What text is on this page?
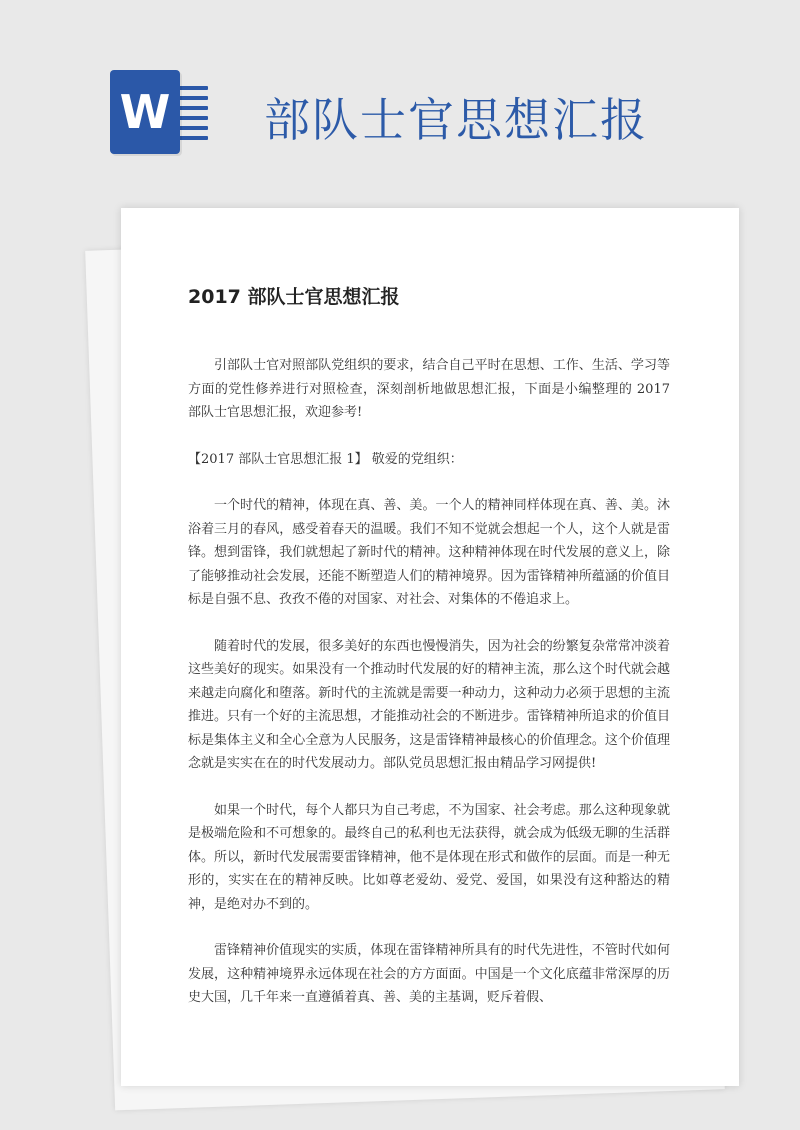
W 部队士官思想汇报
2017 部队士官思想汇报

引部队士官对照部队党组织的要求，结合自己平时在思想、工作、生活、学习等方面的党性修养进行对照检查，深刻剖析地做思想汇报，下面是小编整理的 2017 部队士官思想汇报，欢迎参考!

【2017 部队士官思想汇报 1】 敬爱的党组织：

一个时代的精神，体现在真、善、美。一个人的精神同样体现在真、善、美。沐浴着三月的春风，感受着春天的温暖。我们不知不觉就会想起一个人，这个人就是雷锋。想到雷锋，我们就想起了新时代的精神。这种精神体现在时代发展的意义上，除了能够推动社会发展，还能不断塑造人们的精神境界。因为雷锋精神所蕴涵的价值目标是自强不息、孜孜不倦的对国家、对社会、对集体的不倦追求上。

随着时代的发展，很多美好的东西也慢慢消失，因为社会的纷繁复杂常常冲淡着这些美好的现实。如果没有一个推动时代发展的好的精神主流，那么这个时代就会越来越走向腐化和堕落。新时代的主流就是需要一种动力，这种动力必须于思想的主流推进。只有一个好的主流思想，才能推动社会的不断进步。雷锋精神所追求的价值目标是集体主义和全心全意为人民服务，这是雷锋精神最核心的价值理念。这个价值理念就是实实在在的时代发展动力。部队党员思想汇报由精品学习网提供!

如果一个时代，每个人都只为自己考虑，不为国家、社会考虑。那么这种现象就是极端危险和不可想象的。最终自己的私利也无法获得，就会成为低级无聊的生活群体。所以，新时代发展需要雷锋精神，他不是体现在形式和做作的层面。而是一种无形的，实实在在的精神反映。比如尊老爱幼、爱党、爱国，如果没有这种豁达的精神，是绝对办不到的。

雷锋精神价值现实的实质，体现在雷锋精神所具有的时代先进性，不管时代如何发展，这种精神境界永远体现在社会的方方面面。中国是一个文化底蕴非常深厚的历史大国，几千年来一直遵循着真、善、美的主基调，贬斥着假、
